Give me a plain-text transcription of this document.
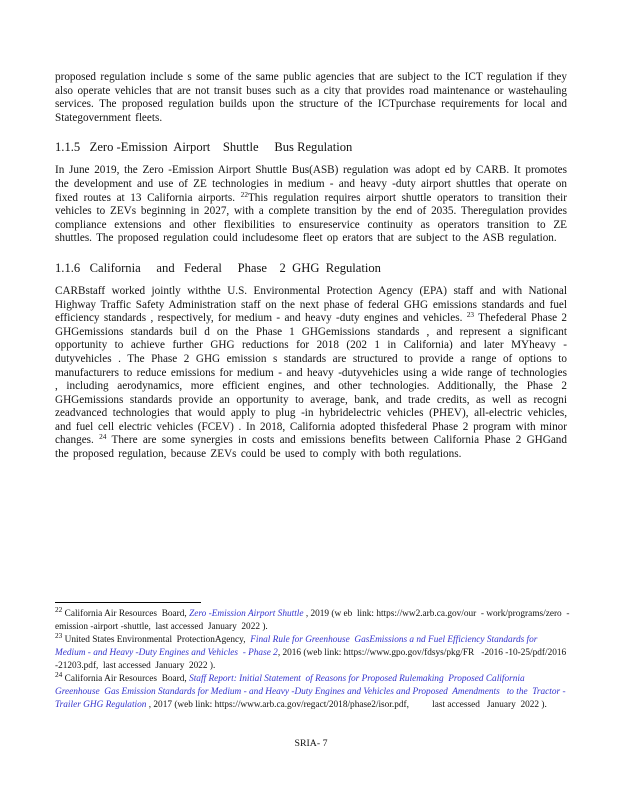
proposed regulation include s some of the same public agencies that are subject to the ICT regulation if they also operate vehicles that are not transit buses such as a city that provides road maintenance or wastehauling services. The proposed regulation builds upon the structure of the ICTpurchase requirements for local and Stategovernment fleets.

1.1.5   Zero -Emission  Airport    Shuttle     Bus Regulation

In June 2019, the Zero -Emission Airport Shuttle Bus(ASB) regulation was adopt ed by CARB. It promotes the development and use of ZE technologies in medium - and heavy -duty airport shuttles that operate on fixed routes at 13 California airports. $^{22}$This regulation requires airport shuttle operators to transition their vehicles to ZEVs beginning in 2027, with a complete transition by the end of 2035. Theregulation provides compliance extensions and other flexibilities to ensureservice continuity as operators transition to ZE shuttles. The proposed regulation could includesome fleet op erators that are subject to the ASB regulation.

1.1.6   California     and   Federal     Phase    2  GHG  Regulation

CARBstaff worked jointly withthe U.S. Environmental Protection Agency (EPA) staff and with National Highway Traffic Safety Administration staff on the next phase of federal GHG emissions standards and fuel efficiency standards , respectively, for medium - and heavy -duty engines and vehicles. $^{23}$ Thefederal Phase 2 GHGemissions standards buil d on the Phase 1 GHGemissions standards , and represent a significant opportunity to achieve further GHG reductions for 2018 (202 1 in California) and later MYheavy -dutyvehicles . The Phase 2 GHG emission s standards are structured to provide a range of options to manufacturers to reduce emissions for medium - and heavy -dutyvehicles using a wide range of technologies , including aerodynamics, more efficient engines, and other technologies. Additionally, the Phase 2 GHGemissions standards provide an opportunity to average, bank, and trade credits, as well as recogni zeadvanced technologies that would apply to plug -in hybridelectric vehicles (PHEV), all-electric vehicles, and fuel cell electric vehicles (FCEV) . In 2018, California adopted thisfederal Phase 2 program with minor changes. $^{24}$ There are some synergies in costs and emissions benefits between California Phase 2 GHGand the proposed regulation, because ZEVs could be used to comply with both regulations.

$^{22}$ California Air Resources  Board, Zero -Emission Airport Shuttle , 2019 (w eb  link: https://ww2.arb.ca.gov/our  - work/programs/zero  -emission -airport -shuttle,  last accessed  January  2022 ).

$^{23}$ United States Environmental  ProtectionAgency,  Final Rule for Greenhouse  GasEmissions a nd Fuel Efficiency Standards for Medium - and Heavy -Duty Engines and Vehicles  - Phase 2, 2016 (web link: https://www.gpo.gov/fdsys/pkg/FR   -2016 -10-25/pdf/2016  -21203.pdf,  last accessed  January  2022 ).

$^{24}$ California Air Resources  Board, Staff Report: Initial Statement  of Reasons for Proposed Rulemaking  Proposed California Greenhouse  Gas Emission Standards for Medium - and Heavy -Duty Engines and Vehicles and Proposed  Amendments   to the  Tractor -Trailer GHG Regulation , 2017 (web link: https://www.arb.ca.gov/regact/2018/phase2/isor.pdf,          last accessed   January  2022 ).

SRIA- 7
